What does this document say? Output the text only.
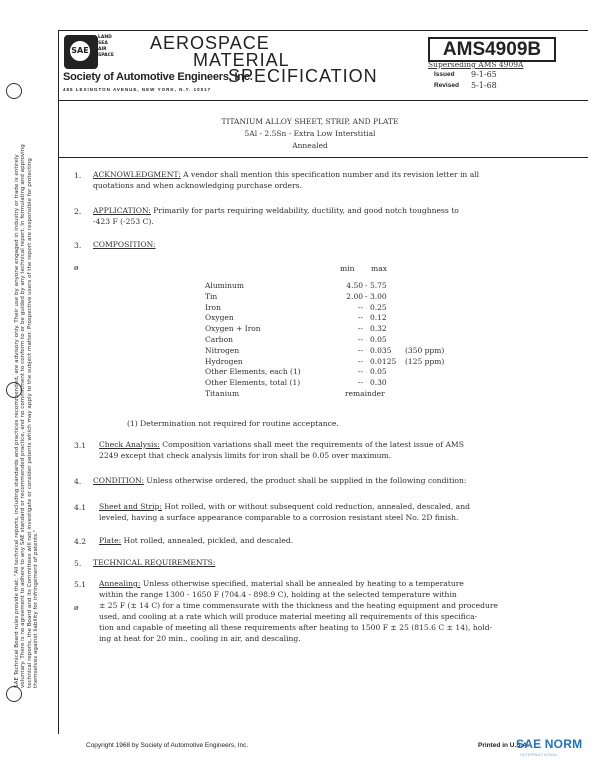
SAE Technical Board rules provide that: "All technical reports, including standards and practices recommended, are advisory only. Their use by anyone engaged in industry or trade is entirely voluntary. There is no agreement to adhere to any SAE standard or recommended practice, and no commitment to conform to or be guided by any technical report. In formulating and approving technical reports, the Board and its Committees will not investigate or consider patents which may apply to the subject matter. Prospective users of the report are responsible for protecting themselves against liability for infringement of patents."
SAE
LAND
SEA
AIR
SPACE
AEROSPACE
MATERIAL
SPECIFICATION
Society of Automotive Engineers, Inc.
485 LEXINGTON AVENUE, NEW YORK, N.Y. 10017
AMS4909B
Superseding AMS 4909A
Issued 9-1-65
Revised 5-1-68
TITANIUM ALLOY SHEET, STRIP, AND PLATE
5Al - 2.5Sn - Extra Low Interstitial
Annealed
1. ACKNOWLEDGMENT: A vendor shall mention this specification number and its revision letter in all
quotations and when acknowledging purchase orders.
2. APPLICATION: Primarily for parts requiring weldability, ductility, and good notch toughness to
-423 F (-253 C).
3. COMPOSITION:
ø	min max
Aluminum	4.50 - 5.75
Tin	2.00 - 3.00
Iron	-- 0.25
Oxygen	-- 0.12
Oxygen + Iron	-- 0.32
Carbon	-- 0.05
Nitrogen	-- 0.035 (350 ppm)
Hydrogen	-- 0.0125 (125 ppm)
Other Elements, each (1)	-- 0.05
Other Elements, total (1)	-- 0.30
Titanium	remainder
(1) Determination not required for routine acceptance.
3.1 Check Analysis: Composition variations shall meet the requirements of the latest issue of AMS
2249 except that check analysis limits for iron shall be 0.05 over maximum.
4. CONDITION: Unless otherwise ordered, the product shall be supplied in the following condition:
4.1 Sheet and Strip: Hot rolled, with or without subsequent cold reduction, annealed, descaled, and
leveled, having a surface appearance comparable to a corrosion resistant steel No. 2D finish.
4.2 Plate: Hot rolled, annealed, pickled, and descaled.
5. TECHNICAL REQUIREMENTS:
5.1
ø
Annealing: Unless otherwise specified, material shall be annealed by heating to a temperature
within the range 1300 - 1650 F (704.4 - 898.9 C), holding at the selected temperature within
± 25 F (± 14 C) for a time commensurate with the thickness and the heating equipment and procedure
used, and cooling at a rate which will produce material meeting all requirements of this specifica-
tion and capable of meeting all these requirements after heating to 1500 F ± 25 (815.6 C ± 14), hold-
ing at heat for 20 min., cooling in air, and descaling.
Copyright 1968 by Society of Automotive Engineers, Inc.	Printed in U.S.A.
SAE NORM
INTERNATIONAL
